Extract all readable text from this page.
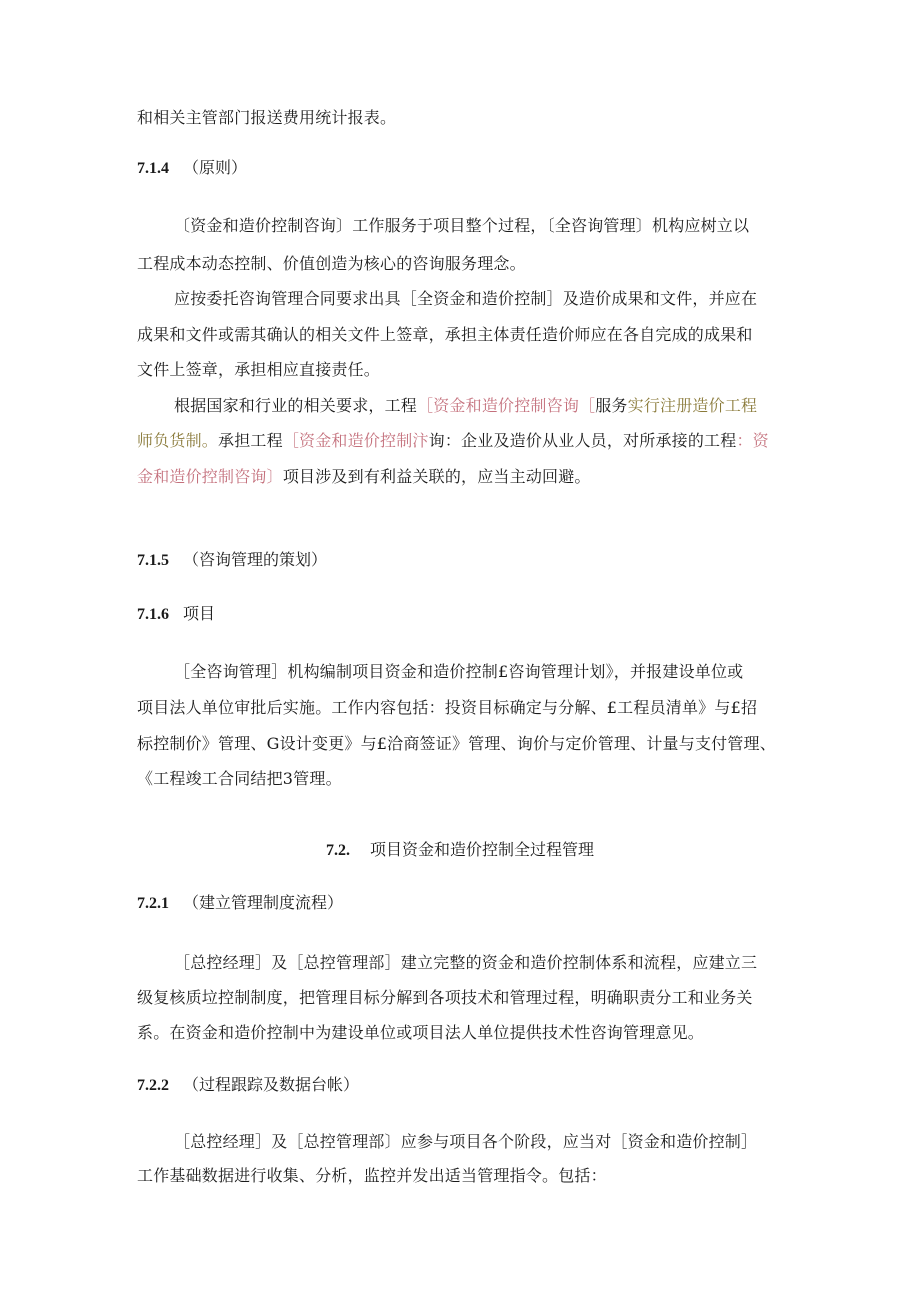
和相关主管部门报送费用统计报表。
7.1.4 （原则）
〔资金和造价控制咨询〕工作服务于项目整个过程，〔全咨询管理〕机构应树立以
工程成本动态控制、价值创造为核心的咨询服务理念。
应按委托咨询管理合同要求出具［全资金和造价控制］及造价成果和文件，并应在
成果和文件或需其确认的相关文件上签章，承担主体责任造价师应在各自完成的成果和
文件上签章，承担相应直接责任。
根据国家和行业的相关要求，工程［资金和造价控制咨询［服务实行注册造价工程
师负货制。承担工程［资金和造价控制汴询：企业及造价从业人员，对所承接的工程：资
金和造价控制咨询〕项目涉及到有利益关联的，应当主动回避。
7.1.5 （咨询管理的策划）
7.1.6 项目
［全咨询管理］机构编制项目资金和造价控制£咨询管理计划》，并报建设单位或
项目法人单位审批后实施。工作内容包括：投资目标确定与分解、£工程员清单》与£招
标控制价》管理、G设计变更》与£洽商签证》管理、询价与定价管理、计量与支付管理、
《工程竣工合同结把3管理。
7.2. 项目资金和造价控制全过程管理
7.2.1 （建立管理制度流程）
［总控经理］及［总控管理部］建立完整的资金和造价控制体系和流程，应建立三
级复核质垃控制制度，把管理目标分解到各项技术和管理过程，明确职责分工和业务关
系。在资金和造价控制中为建设单位或项目法人单位提供技术性咨询管理意见。
7.2.2 （过程跟踪及数据台帐）
［总控经理］及［总控管理部〕应参与项目各个阶段，应当对［资金和造价控制］
工作基础数据进行收集、分析，监控并发出适当管理指令。包括：
